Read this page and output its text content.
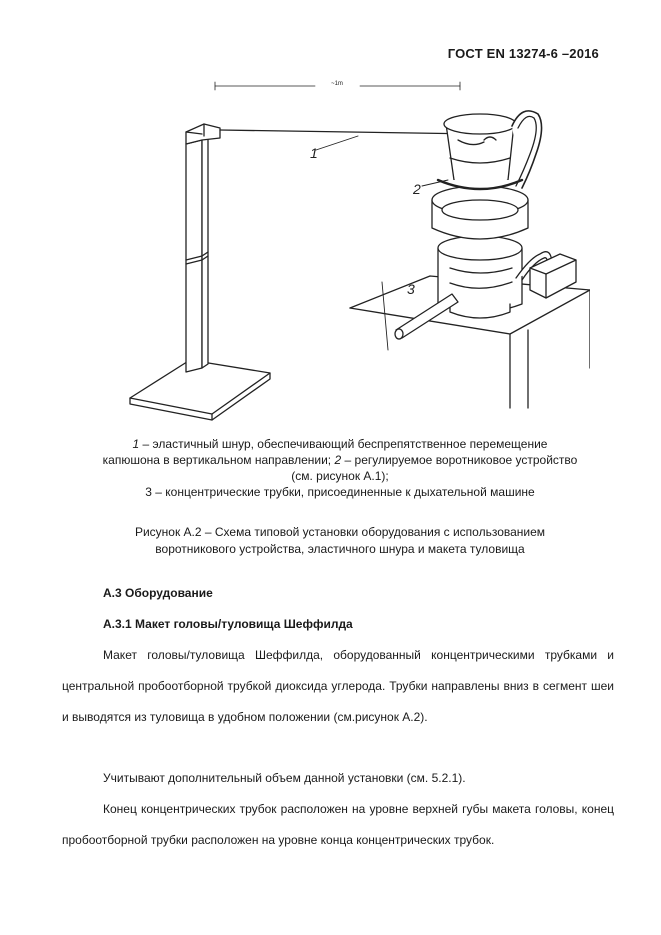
ГОСТ EN 13274-6 –2016
~1m
1
2
3
1 – эластичный шнур, обеспечивающий беспрепятственное перемещение
капюшона в вертикальном направлении; 2 – регулируемое воротниковое устройство
(см. рисунок А.1);
3 – концентрические трубки, присоединенные к дыхательной машине
Рисунок А.2 – Схема типовой установки оборудования с использованием
воротникового устройства, эластичного шнура и макета туловища
А.3 Оборудование
А.3.1 Макет головы/туловища Шеффилда
Макет головы/туловища Шеффилда, оборудованный концентрическими трубками и центральной пробоотборной трубкой диоксида углерода. Трубки направлены вниз в сегмент шеи и выводятся из туловища в удобном положении (см.рисунок А.2).
Учитывают дополнительный объем данной установки (см. 5.2.1).
Конец концентрических трубок расположен на уровне верхней губы макета головы, конец пробоотборной трубки расположен на уровне конца концентрических трубок.
